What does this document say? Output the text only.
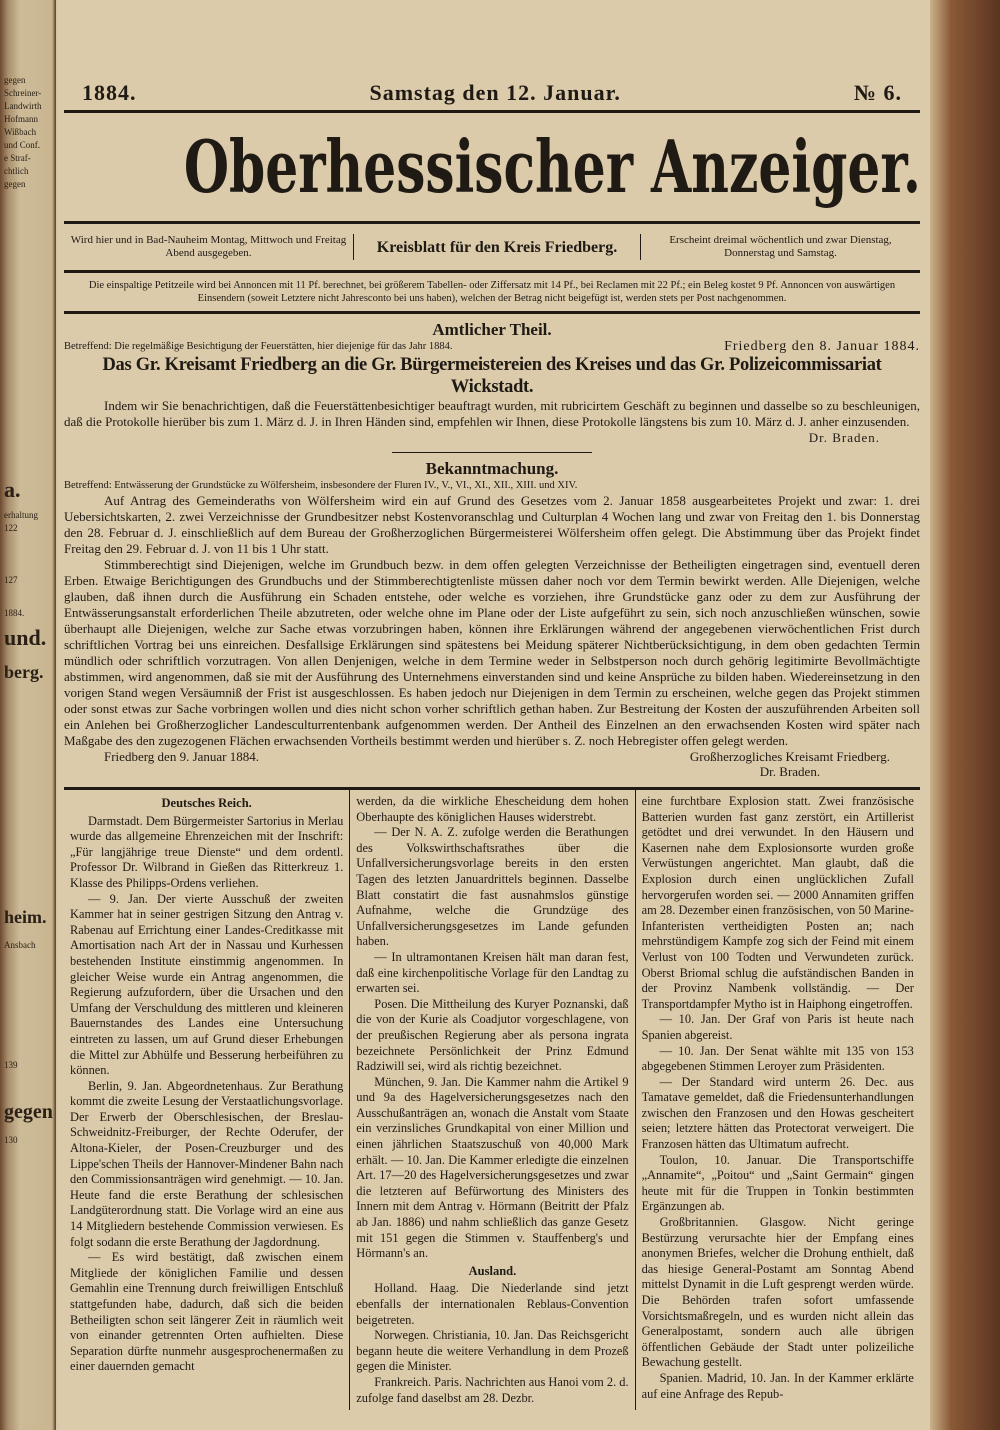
gegen
Schreiner-
Landwirth
Hofmann
Wißbach
und Conf.
e Straf-
chtlich
gegen
a.
erhaltung
122
127
1884.
und.
berg.
heim.
Ansbach
139
gegen
130
1884.	Samstag den 12. Januar.	№ 6.
Oberhessischer Anzeiger.
Wird hier und in Bad-Nauheim Montag, Mittwoch und Freitag Abend ausgegeben.	Kreisblatt für den Kreis Friedberg.	Erscheint dreimal wöchentlich und zwar Dienstag, Donnerstag und Samstag.
Die einspaltige Petitzeile wird bei Annoncen mit 11 Pf. berechnet, bei größerem Tabellen- oder Ziffersatz mit 14 Pf., bei Reclamen mit 22 Pf.; ein Beleg kostet 9 Pf. Annoncen von auswärtigen Einsendern (soweit Letztere nicht Jahresconto bei uns haben), welchen der Betrag nicht beigefügt ist, werden stets per Post nachgenommen.
Amtlicher Theil.
Betreffend: Die regelmäßige Besichtigung der Feuerstätten, hier diejenige für das Jahr 1884.	Friedberg den 8. Januar 1884.
Das Gr. Kreisamt Friedberg an die Gr. Bürgermeistereien des Kreises und das Gr. Polizeicommissariat Wickstadt.

Indem wir Sie benachrichtigen, daß die Feuerstättenbesichtiger beauftragt wurden, mit rubricirtem Geschäft zu beginnen und dasselbe so zu beschleunigen, daß die Protokolle hierüber bis zum 1. März d. J. in Ihren Händen sind, empfehlen wir Ihnen, diese Protokolle längstens bis zum 10. März d. J. anher einzusenden.

Dr. Braden.
Bekanntmachung.
Betreffend: Entwässerung der Grundstücke zu Wölfersheim, insbesondere der Fluren IV., V., VI., XI., XII., XIII. und XIV.

Auf Antrag des Gemeinderaths von Wölfersheim wird ein auf Grund des Gesetzes vom 2. Januar 1858 ausgearbeitetes Projekt und zwar: 1. drei Uebersichtskarten, 2. zwei Verzeichnisse der Grundbesitzer nebst Kostenvoranschlag und Culturplan 4 Wochen lang und zwar von Freitag den 1. bis Donnerstag den 28. Februar d. J. einschließlich auf dem Bureau der Großherzoglichen Bürgermeisterei Wölfersheim offen gelegt. Die Abstimmung über das Projekt findet Freitag den 29. Februar d. J. von 11 bis 1 Uhr statt.

Stimmberechtigt sind Diejenigen, welche im Grundbuch bezw. in dem offen gelegten Verzeichnisse der Betheiligten eingetragen sind, eventuell deren Erben. Etwaige Berichtigungen des Grundbuchs und der Stimmberechtigtenliste müssen daher noch vor dem Termin bewirkt werden. Alle Diejenigen, welche glauben, daß ihnen durch die Ausführung ein Schaden entstehe, oder welche es vorziehen, ihre Grundstücke ganz oder zu dem zur Ausführung der Entwässerungsanstalt erforderlichen Theile abzutreten, oder welche ohne im Plane oder der Liste aufgeführt zu sein, sich noch anzuschließen wünschen, sowie überhaupt alle Diejenigen, welche zur Sache etwas vorzubringen haben, können ihre Erklärungen während der angegebenen vierwöchentlichen Frist durch schriftlichen Vortrag bei uns einreichen. Desfallsige Erklärungen sind spätestens bei Meidung späterer Nichtberücksichtigung, in dem oben gedachten Termin mündlich oder schriftlich vorzutragen. Von allen Denjenigen, welche in dem Termine weder in Selbstperson noch durch gehörig legitimirte Bevollmächtigte abstimmen, wird angenommen, daß sie mit der Ausführung des Unternehmens einverstanden sind und keine Ansprüche zu bilden haben. Wiedereinsetzung in den vorigen Stand wegen Versäumniß der Frist ist ausgeschlossen. Es haben jedoch nur Diejenigen in dem Termin zu erscheinen, welche gegen das Projekt stimmen oder sonst etwas zur Sache vorbringen wollen und dies nicht schon vorher schriftlich gethan haben. Zur Bestreitung der Kosten der auszuführenden Arbeiten soll ein Anlehen bei Großherzoglicher Landesculturrentenbank aufgenommen werden. Der Antheil des Einzelnen an den erwachsenden Kosten wird später nach Maßgabe des den zugezogenen Flächen erwachsenden Vortheils bestimmt werden und hierüber s. Z. noch Hebregister offen gelegt werden.

Friedberg den 9. Januar 1884.	Großherzogliches Kreisamt Friedberg.
Dr. Braden.
Deutsches Reich.

Darmstadt. Dem Bürgermeister Sartorius in Merlau wurde das allgemeine Ehrenzeichen mit der Inschrift: „Für langjährige treue Dienste“ und dem ordentl. Professor Dr. Wilbrand in Gießen das Ritterkreuz 1. Klasse des Philipps-Ordens verliehen.

— 9. Jan. Der vierte Ausschuß der zweiten Kammer hat in seiner gestrigen Sitzung den Antrag v. Rabenau auf Errichtung einer Landes-Creditkasse mit Amortisation nach Art der in Nassau und Kurhessen bestehenden Institute einstimmig angenommen. In gleicher Weise wurde ein Antrag angenommen, die Regierung aufzufordern, über die Ursachen und den Umfang der Verschuldung des mittleren und kleineren Bauernstandes des Landes eine Untersuchung eintreten zu lassen, um auf Grund dieser Erhebungen die Mittel zur Abhülfe und Besserung herbeiführen zu können.

Berlin, 9. Jan. Abgeordnetenhaus. Zur Berathung kommt die zweite Lesung der Verstaatlichungsvorlage. Der Erwerb der Oberschlesischen, der Breslau-Schweidnitz-Freiburger, der Rechte Oderufer, der Altona-Kieler, der Posen-Creuzburger und des Lippe'schen Theils der Hannover-Mindener Bahn nach den Commissionsanträgen wird genehmigt. — 10. Jan. Heute fand die erste Berathung der schlesischen Landgüterordnung statt. Die Vorlage wird an eine aus 14 Mitgliedern bestehende Commission verwiesen. Es folgt sodann die erste Berathung der Jagdordnung.

— Es wird bestätigt, daß zwischen einem Mitgliede der königlichen Familie und dessen Gemahlin eine Trennung durch freiwilligen Entschluß stattgefunden habe, dadurch, daß sich die beiden Betheiligten schon seit längerer Zeit in räumlich weit von einander getrennten Orten aufhielten. Diese Separation dürfte nunmehr ausgesprochenermaßen zu einer dauernden gemacht

werden, da die wirkliche Ehescheidung dem hohen Oberhaupte des königlichen Hauses widerstrebt.

— Der N. A. Z. zufolge werden die Berathungen des Volkswirthschaftsrathes über die Unfallversicherungsvorlage bereits in den ersten Tagen des letzten Januardrittels beginnen. Dasselbe Blatt constatirt die fast ausnahmslos günstige Aufnahme, welche die Grundzüge des Unfallversicherungsgesetzes im Lande gefunden haben.

— In ultramontanen Kreisen hält man daran fest, daß eine kirchenpolitische Vorlage für den Landtag zu erwarten sei.

Posen. Die Mittheilung des Kuryer Poznanski, daß die von der Kurie als Coadjutor vorgeschlagene, von der preußischen Regierung aber als persona ingrata bezeichnete Persönlichkeit der Prinz Edmund Radziwill sei, wird als richtig bezeichnet.

München, 9. Jan. Die Kammer nahm die Artikel 9 und 9a des Hagelversicherungsgesetzes nach den Ausschußanträgen an, wonach die Anstalt vom Staate ein verzinsliches Grundkapital von einer Million und einen jährlichen Staatszuschuß von 40,000 Mark erhält. — 10. Jan. Die Kammer erledigte die einzelnen Art. 17—20 des Hagelversicherungsgesetzes und zwar die letzteren auf Befürwortung des Ministers des Innern mit dem Antrag v. Hörmann (Beitritt der Pfalz ab Jan. 1886) und nahm schließlich das ganze Gesetz mit 151 gegen die Stimmen v. Stauffenberg's und Hörmann's an.

Ausland.

Holland. Haag. Die Niederlande sind jetzt ebenfalls der internationalen Reblaus-Convention beigetreten.

Norwegen. Christiania, 10. Jan. Das Reichsgericht begann heute die weitere Verhandlung in dem Prozeß gegen die Minister.

Frankreich. Paris. Nachrichten aus Hanoi vom 2. d. zufolge fand daselbst am 28. Dezbr.

eine furchtbare Explosion statt. Zwei französische Batterien wurden fast ganz zerstört, ein Artillerist getödtet und drei verwundet. In den Häusern und Kasernen nahe dem Explosionsorte wurden große Verwüstungen angerichtet. Man glaubt, daß die Explosion durch einen unglücklichen Zufall hervorgerufen worden sei. — 2000 Annamiten griffen am 28. Dezember einen französischen, von 50 Marine-Infanteristen vertheidigten Posten an; nach mehrstündigem Kampfe zog sich der Feind mit einem Verlust von 100 Todten und Verwundeten zurück. Oberst Briomal schlug die aufständischen Banden in der Provinz Nambenk vollständig. — Der Transportdampfer Mytho ist in Haiphong eingetroffen.

— 10. Jan. Der Graf von Paris ist heute nach Spanien abgereist.

— 10. Jan. Der Senat wählte mit 135 von 153 abgegebenen Stimmen Leroyer zum Präsidenten.

— Der Standard wird unterm 26. Dec. aus Tamatave gemeldet, daß die Friedensunterhandlungen zwischen den Franzosen und den Howas gescheitert seien; letztere hätten das Protectorat verweigert. Die Franzosen hätten das Ultimatum aufrecht.

Toulon, 10. Januar. Die Transportschiffe „Annamite“, „Poitou“ und „Saint Germain“ gingen heute mit für die Truppen in Tonkin bestimmten Ergänzungen ab.

Großbritannien. Glasgow. Nicht geringe Bestürzung verursachte hier der Empfang eines anonymen Briefes, welcher die Drohung enthielt, daß das hiesige General-Postamt am Sonntag Abend mittelst Dynamit in die Luft gesprengt werden würde. Die Behörden trafen sofort umfassende Vorsichtsmaßregeln, und es wurden nicht allein das Generalpostamt, sondern auch alle übrigen öffentlichen Gebäude der Stadt unter polizeiliche Bewachung gestellt.

Spanien. Madrid, 10. Jan. In der Kammer erklärte auf eine Anfrage des Repub-
